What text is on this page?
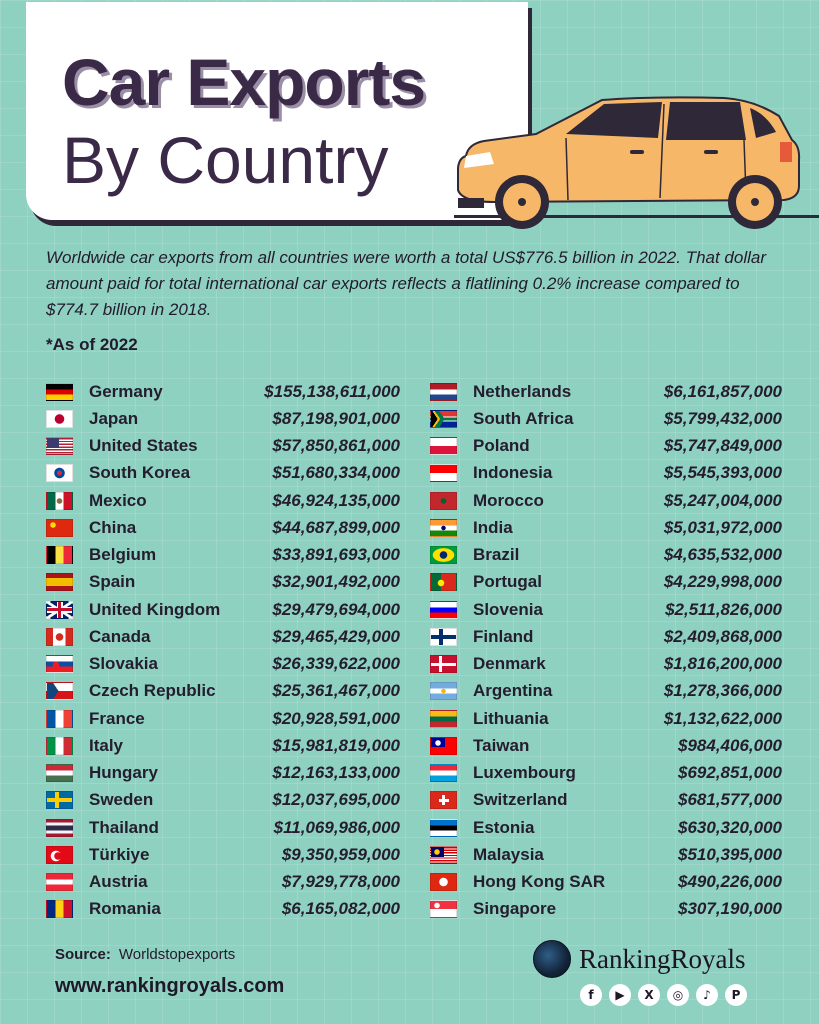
Car Exports
By Country

Worldwide car exports from all countries were worth a total US$776.5 billion in 2022. That dollar amount paid for total international car exports reflects a flatlining 0.2% increase compared to $774.7 billion in 2018.

*As of 2022
Germany	$155,138,611,000
Japan	$87,198,901,000
United States	$57,850,861,000
South Korea	$51,680,334,000
Mexico	$46,924,135,000
China	$44,687,899,000
Belgium	$33,891,693,000
Spain	$32,901,492,000
United Kingdom	$29,479,694,000
Canada	$29,465,429,000
Slovakia	$26,339,622,000
Czech Republic	$25,361,467,000
France	$20,928,591,000
Italy	$15,981,819,000
Hungary	$12,163,133,000
Sweden	$12,037,695,000
Thailand	$11,069,986,000
Türkiye	$9,350,959,000
Austria	$7,929,778,000
Romania	$6,165,082,000
Netherlands	$6,161,857,000
South Africa	$5,799,432,000
Poland	$5,747,849,000
Indonesia	$5,545,393,000
Morocco	$5,247,004,000
India	$5,031,972,000
Brazil	$4,635,532,000
Portugal	$4,229,998,000
Slovenia	$2,511,826,000
Finland	$2,409,868,000
Denmark	$1,816,200,000
Argentina	$1,278,366,000
Lithuania	$1,132,622,000
Taiwan	$984,406,000
Luxembourg	$692,851,000
Switzerland	$681,577,000
Estonia	$630,320,000
Malaysia	$510,395,000
Hong Kong SAR	$490,226,000
Singapore	$307,190,000
Source: Worldstopexports
www.rankingroyals.com
RankingRoyals
f	▶	X	◎	♪	P
